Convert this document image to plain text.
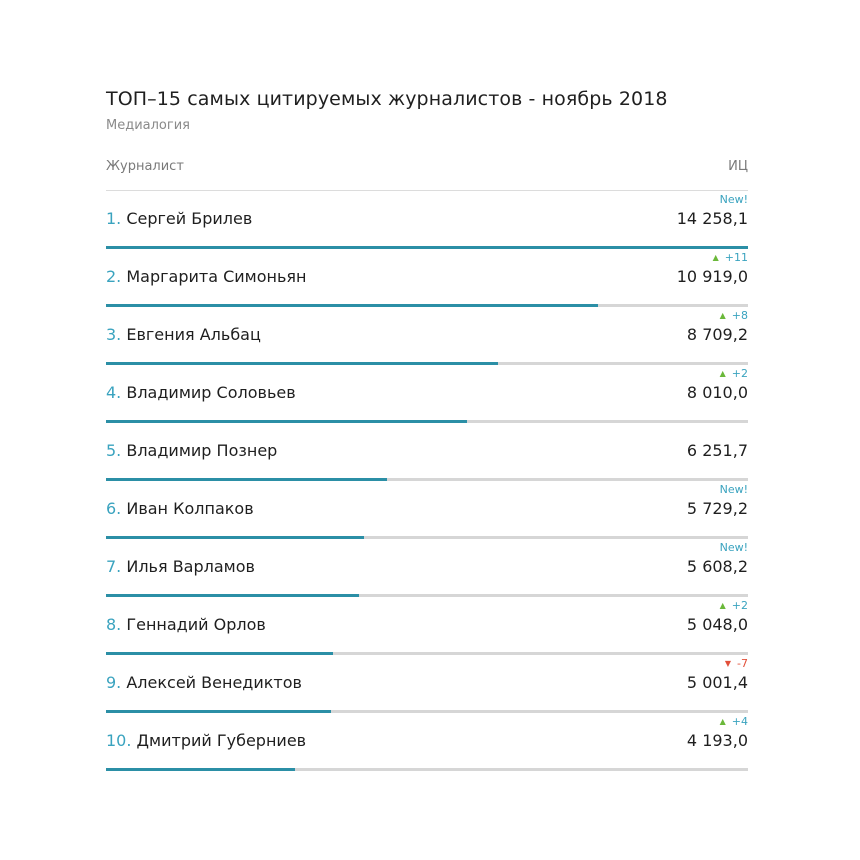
ТОП–15 самых цитируемых журналистов - ноябрь 2018
Медиалогия
Журналист	ИЦ
1. Сергей Брилев
New!
14 258,1
2. Маргарита Симоньян
▲ +11
10 919,0
3. Евгения Альбац
▲ +8
8 709,2
4. Владимир Соловьев
▲ +2
8 010,0
5. Владимир Познер	6 251,7
6. Иван Колпаков
New!
5 729,2
7. Илья Варламов
New!
5 608,2
8. Геннадий Орлов
▲ +2
5 048,0
9. Алексей Венедиктов
▼ -7
5 001,4
10. Дмитрий Губерниев
▲ +4
4 193,0
